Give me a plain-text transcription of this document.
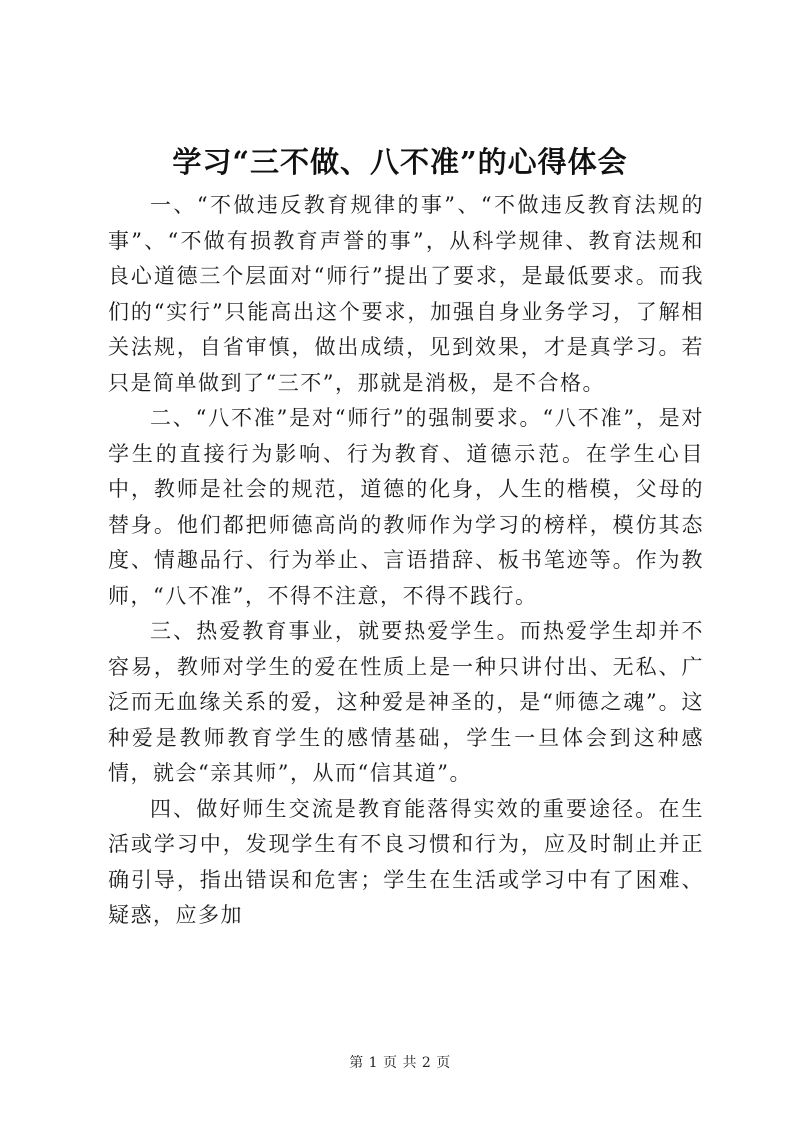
学习“三不做、八不准”的心得体会

一、“不做违反教育规律的事”、“不做违反教育法规的事”、“不做有损教育声誉的事”，从科学规律、教育法规和良心道德三个层面对“师行”提出了要求，是最低要求。而我们的“实行”只能高出这个要求，加强自身业务学习，了解相关法规，自省审慎，做出成绩，见到效果，才是真学习。若只是简单做到了“三不”，那就是消极，是不合格。

二、“八不准”是对“师行”的强制要求。“八不准”，是对学生的直接行为影响、行为教育、道德示范。在学生心目中，教师是社会的规范，道德的化身，人生的楷模，父母的替身。他们都把师德高尚的教师作为学习的榜样，模仿其态度、情趣品行、行为举止、言语措辞、板书笔迹等。作为教师，“八不准”，不得不注意，不得不践行。

三、热爱教育事业，就要热爱学生。而热爱学生却并不容易，教师对学生的爱在性质上是一种只讲付出、无私、广泛而无血缘关系的爱，这种爱是神圣的，是“师德之魂”。这种爱是教师教育学生的感情基础，学生一旦体会到这种感情，就会“亲其师”，从而“信其道”。

四、做好师生交流是教育能落得实效的重要途径。在生活或学习中，发现学生有不良习惯和行为，应及时制止并正确引导，指出错误和危害；学生在生活或学习中有了困难、疑惑，应多加

第 1 页 共 2 页
